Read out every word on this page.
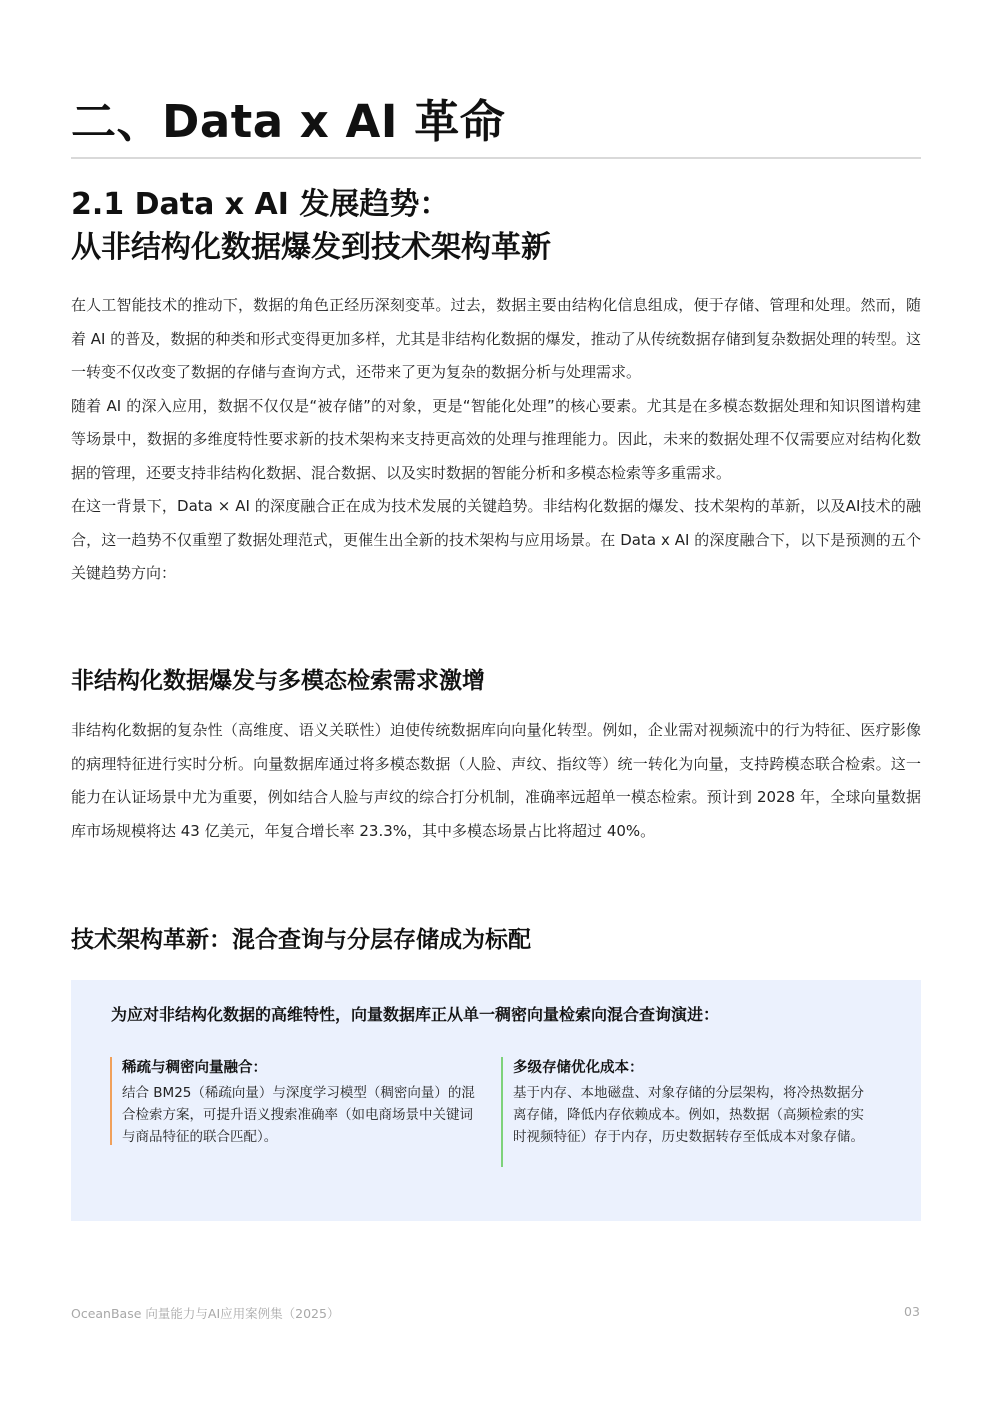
二、Data x AI 革命
2.1 Data x AI 发展趋势：
从非结构化数据爆发到技术架构革新

在人工智能技术的推动下，数据的角色正经历深刻变革。过去，数据主要由结构化信息组成，便于存储、管理和处理。然而，随着 AI 的普及，数据的种类和形式变得更加多样，尤其是非结构化数据的爆发，推动了从传统数据存储到复杂数据处理的转型。这一转变不仅改变了数据的存储与查询方式，还带来了更为复杂的数据分析与处理需求。

随着 AI 的深入应用，数据不仅仅是“被存储”的对象，更是“智能化处理”的核心要素。尤其是在多模态数据处理和知识图谱构建等场景中，数据的多维度特性要求新的技术架构来支持更高效的处理与推理能力。因此，未来的数据处理不仅需要应对结构化数据的管理，还要支持非结构化数据、混合数据、以及实时数据的智能分析和多模态检索等多重需求。

在这一背景下，Data × AI 的深度融合正在成为技术发展的关键趋势。非结构化数据的爆发、技术架构的革新，以及AI技术的融合，这一趋势不仅重塑了数据处理范式，更催生出全新的技术架构与应用场景。在 Data x AI 的深度融合下，以下是预测的五个关键趋势方向：

非结构化数据爆发与多模态检索需求激增

非结构化数据的复杂性（高维度、语义关联性）迫使传统数据库向向量化转型。例如，企业需对视频流中的行为特征、医疗影像的病理特征进行实时分析。向量数据库通过将多模态数据（人脸、声纹、指纹等）统一转化为向量，支持跨模态联合检索。这一能力在认证场景中尤为重要，例如结合人脸与声纹的综合打分机制，准确率远超单一模态检索。预计到 2028 年，全球向量数据库市场规模将达 43 亿美元，年复合增长率 23.3%，其中多模态场景占比将超过 40%。

技术架构革新：混合查询与分层存储成为标配

为应对非结构化数据的高维特性，向量数据库正从单一稠密向量检索向混合查询演进：

稀疏与稠密向量融合：

结合 BM25（稀疏向量）与深度学习模型（稠密向量）的混合检索方案，可提升语义搜索准确率（如电商场景中关键词与商品特征的联合匹配）。

多级存储优化成本：

基于内存、本地磁盘、对象存储的分层架构，将冷热数据分离存储，降低内存依赖成本。例如，热数据（高频检索的实时视频特征）存于内存，历史数据转存至低成本对象存储。

OceanBase 向量能力与AI应用案例集（2025）	03
